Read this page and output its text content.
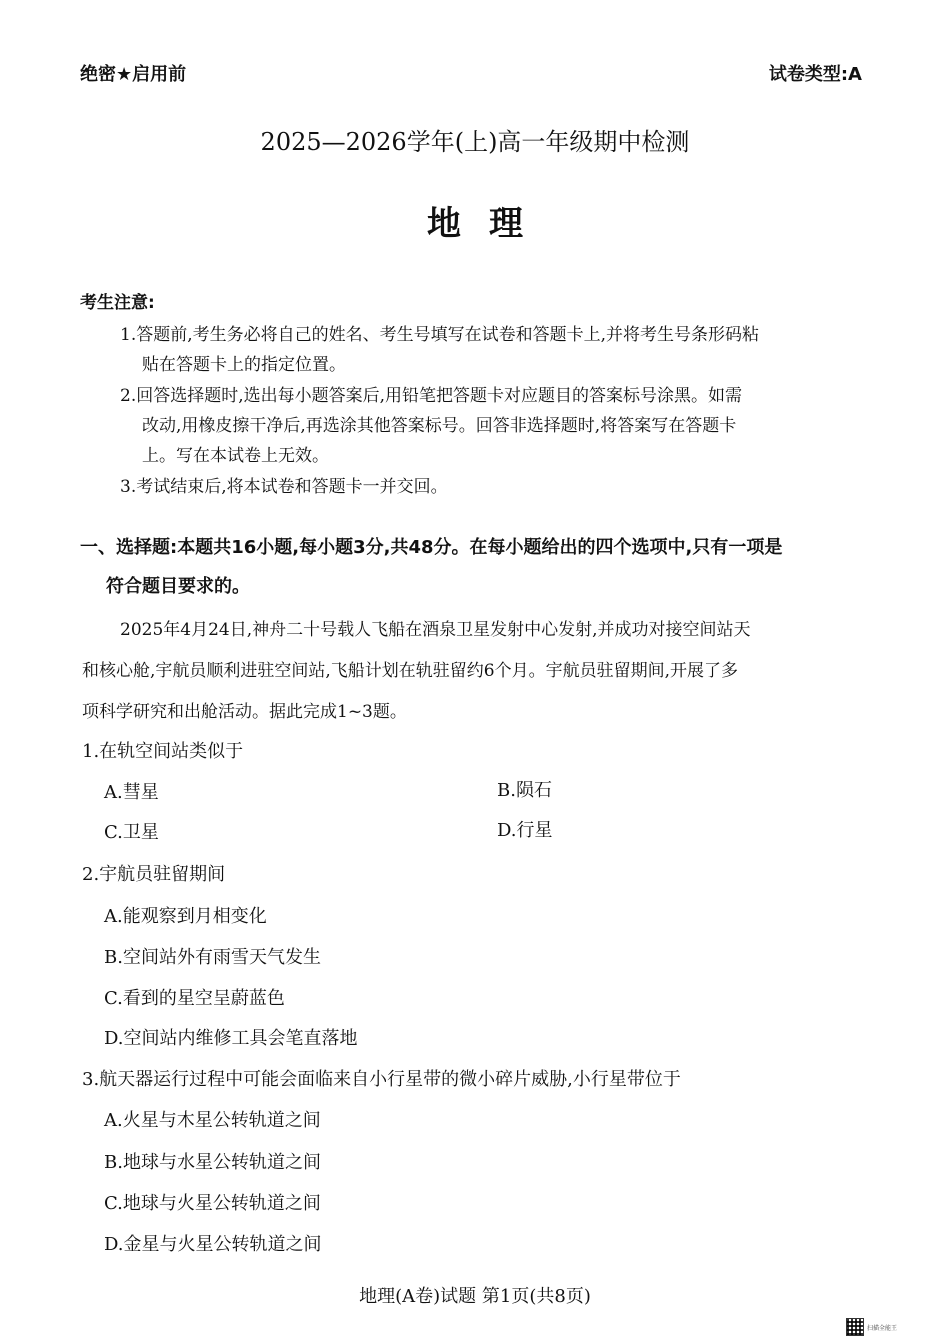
绝密★启用前	试卷类型:A
2025—2026学年(上)高一年级期中检测
地理
考生注意:
1.答题前,考生务必将自己的姓名、考生号填写在试卷和答题卡上,并将考生号条形码粘
贴在答题卡上的指定位置。
2.回答选择题时,选出每小题答案后,用铅笔把答题卡对应题目的答案标号涂黑。如需
改动,用橡皮擦干净后,再选涂其他答案标号。回答非选择题时,将答案写在答题卡
上。写在本试卷上无效。
3.考试结束后,将本试卷和答题卡一并交回。
一、选择题:本题共16小题,每小题3分,共48分。在每小题给出的四个选项中,只有一项是
符合题目要求的。
2025年4月24日,神舟二十号载人飞船在酒泉卫星发射中心发射,并成功对接空间站天
和核心舱,宇航员顺利进驻空间站,飞船计划在轨驻留约6个月。宇航员驻留期间,开展了多
项科学研究和出舱活动。据此完成1~3题。
1.在轨空间站类似于
A.彗星	B.陨石
C.卫星	D.行星
2.宇航员驻留期间
A.能观察到月相变化
B.空间站外有雨雪天气发生
C.看到的星空呈蔚蓝色
D.空间站内维修工具会笔直落地
3.航天器运行过程中可能会面临来自小行星带的微小碎片威胁,小行星带位于
A.火星与木星公转轨道之间
B.地球与水星公转轨道之间
C.地球与火星公转轨道之间
D.金星与火星公转轨道之间
地理(A卷)试题 第1页(共8页)
扫描全能王
